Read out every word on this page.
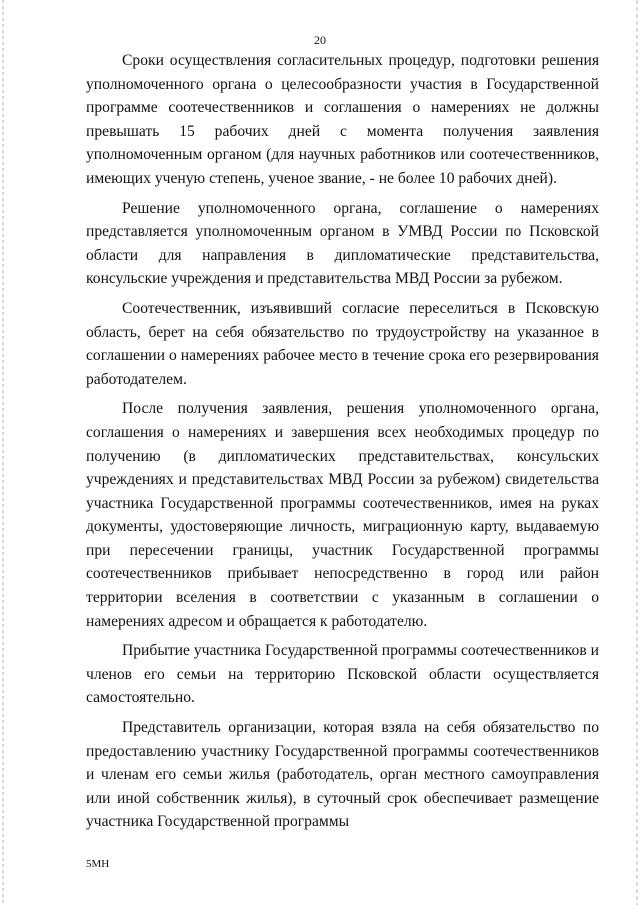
20

Сроки осуществления согласительных процедур, подготовки решения уполномоченного органа о целесообразности участия в Государственной программе соотечественников и соглашения о намерениях не должны превышать 15 рабочих дней с момента получения заявления уполномоченным органом (для научных работников или соотечественников, имеющих ученую степень, ученое звание, - не более 10 рабочих дней).

Решение уполномоченного органа, соглашение о намерениях представляется уполномоченным органом в УМВД России по Псковской области для направления в дипломатические представительства, консульские учреждения и представительства МВД России за рубежом.

Соотечественник, изъявивший согласие переселиться в Псковскую область, берет на себя обязательство по трудоустройству на указанное в соглашении о намерениях рабочее место в течение срока его резервирования работодателем.

После получения заявления, решения уполномоченного органа, соглашения о намерениях и завершения всех необходимых процедур по получению (в дипломатических представительствах, консульских учреждениях и представительствах МВД России за рубежом) свидетельства участника Государственной программы соотечественников, имея на руках документы, удостоверяющие личность, миграционную карту, выдаваемую при пересечении границы, участник Государственной программы соотечественников прибывает непосредственно в город или район территории вселения в соответствии с указанным в соглашении о намерениях адресом и обращается к работодателю.

Прибытие участника Государственной программы соотечественников и членов его семьи на территорию Псковской области осуществляется самостоятельно.

Представитель организации, которая взяла на себя обязательство по предоставлению участнику Государственной программы соотечественников и членам его семьи жилья (работодатель, орган местного самоуправления или иной собственник жилья), в суточный срок обеспечивает размещение участника Государственной программы

5МН
